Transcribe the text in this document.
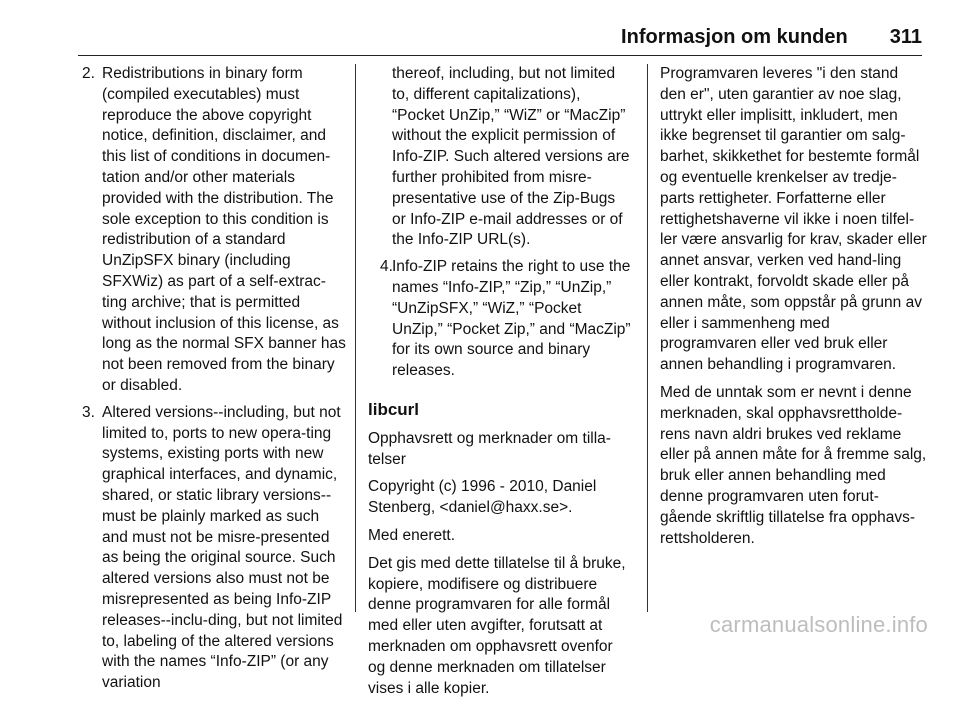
Informasjon om kunden 311
2. Redistributions in binary form (compiled executables) must reproduce the above copyright notice, definition, disclaimer, and this list of conditions in documen-tation and/or other materials provided with the distribution. The sole exception to this condition is redistribution of a standard UnZipSFX binary (including SFXWiz) as part of a self-extrac-ting archive; that is permitted without inclusion of this license, as long as the normal SFX banner has not been removed from the binary or disabled.
3. Altered versions--including, but not limited to, ports to new opera-ting systems, existing ports with new graphical interfaces, and dynamic, shared, or static library versions--must be plainly marked as such and must not be misre-presented as being the original source. Such altered versions also must not be misrepresented as being Info-ZIP releases--inclu-ding, but not limited to, labeling of the altered versions with the names “Info-ZIP” (or any variation
thereof, including, but not limited to, different capitalizations), “Pocket UnZip,” “WiZ” or “MacZip” without the explicit permission of Info-ZIP. Such altered versions are further prohibited from misre-presentative use of the Zip-Bugs or Info-ZIP e-mail addresses or of the Info-ZIP URL(s).
4. Info-ZIP retains the right to use the names “Info-ZIP,” “Zip,” “UnZip,” “UnZipSFX,” “WiZ,” “Pocket UnZip,” “Pocket Zip,” and “MacZip” for its own source and binary releases.
libcurl

Opphavsrett og merknader om tilla-telser

Copyright (c) 1996 - 2010, Daniel Stenberg, <daniel@haxx.se>.

Med enerett.

Det gis med dette tillatelse til å bruke, kopiere, modifisere og distribuere denne programvaren for alle formål med eller uten avgifter, forutsatt at merknaden om opphavsrett ovenfor og denne merknaden om tillatelser vises i alle kopier.

Programvaren leveres "i den stand den er", uten garantier av noe slag, uttrykt eller implisitt, inkludert, men ikke begrenset til garantier om salg-barhet, skikkethet for bestemte formål og eventuelle krenkelser av tredje-parts rettigheter. Forfatterne eller rettighetshaverne vil ikke i noen tilfel-ler være ansvarlig for krav, skader eller annet ansvar, verken ved hand-ling eller kontrakt, forvoldt skade eller på annen måte, som oppstår på grunn av eller i sammenheng med programvaren eller ved bruk eller annen behandling i programvaren.

Med de unntak som er nevnt i denne merknaden, skal opphavsrettholde-rens navn aldri brukes ved reklame eller på annen måte for å fremme salg, bruk eller annen behandling med denne programvaren uten forut-gående skriftlig tillatelse fra opphavs-rettsholderen.

carmanualsonline.info
